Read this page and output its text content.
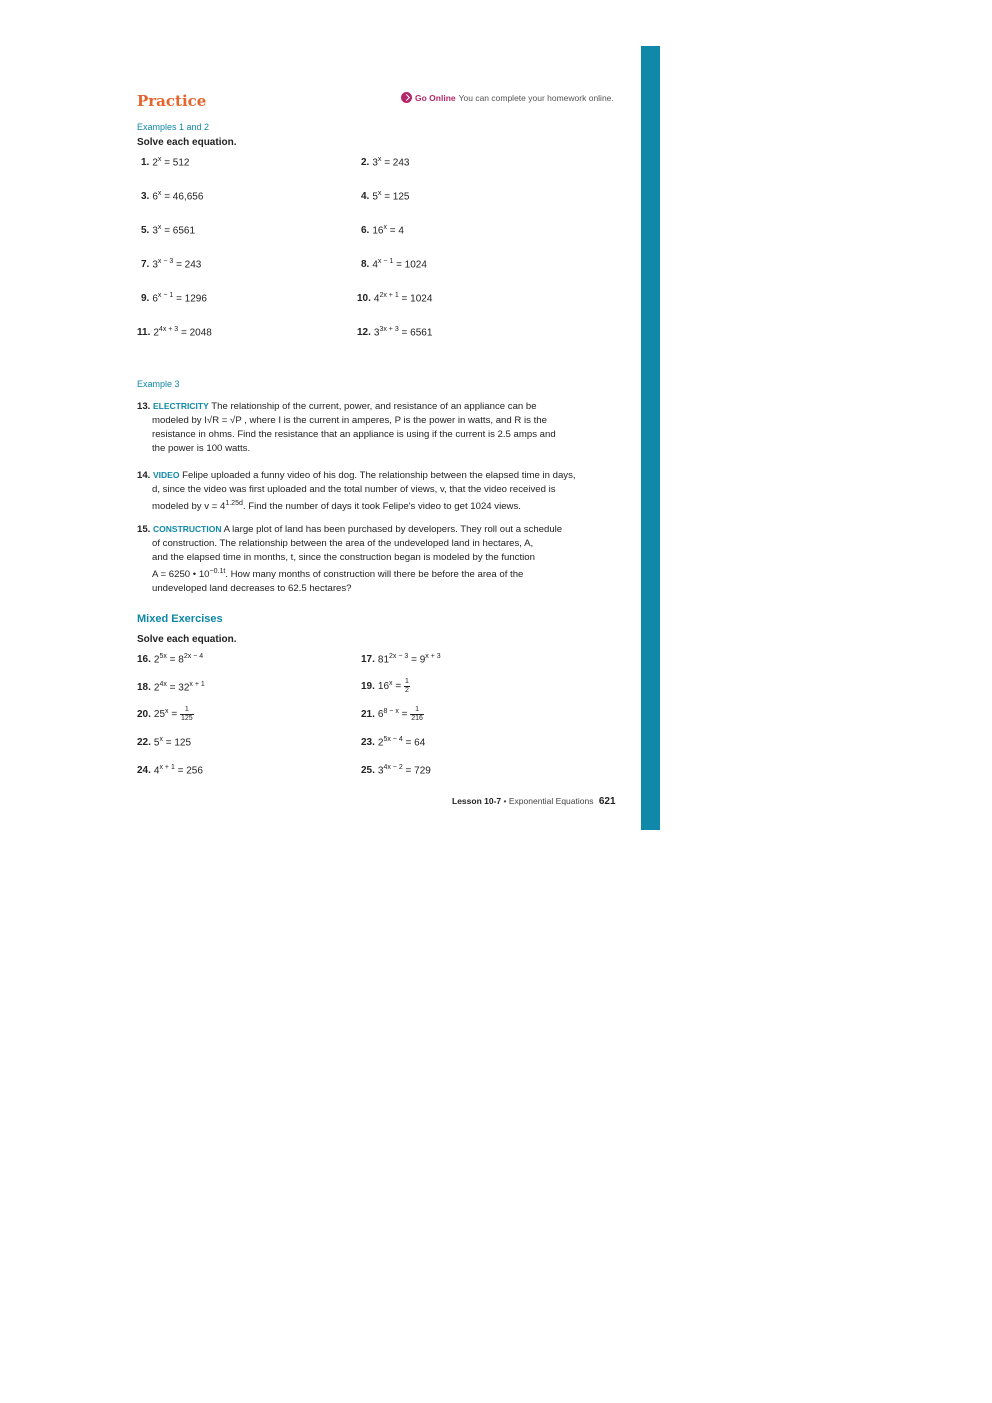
Practice	Go Online You can complete your homework online.
Examples 1 and 2
Solve each equation.
1. $2^x = 512$	2. $3^x = 243$
3. $6^x = 46,656$	4. $5^x = 125$
5. $3^x = 6561$	6. $16^x = 4$
7. $3^{x - 3} = 243$	8. $4^{x - 1} = 1024$
9. $6^{x - 1} = 1296$	10. $4^{2x + 1} = 1024$
11. $2^{4x + 3} = 2048$	12. $3^{3x + 3} = 6561$
Example 3
13. ELECTRICITY The relationship of the current, power, and resistance of an appliance can be
modeled by I√R = √P , where I is the current in amperes, P is the power in watts, and R is the
resistance in ohms. Find the resistance that an appliance is using if the current is 2.5 amps and
the power is 100 watts.
14. VIDEO Felipe uploaded a funny video of his dog. The relationship between the elapsed time in days,
d, since the video was first uploaded and the total number of views, v, that the video received is
modeled by $v = 4^{1.25d}$. Find the number of days it took Felipe's video to get 1024 views.
15. CONSTRUCTION A large plot of land has been purchased by developers. They roll out a schedule
of construction. The relationship between the area of the undeveloped land in hectares, A,
and the elapsed time in months, t, since the construction began is modeled by the function
A = 6250 • $10^{-0.1t}$. How many months of construction will there be before the area of the
undeveloped land decreases to 62.5 hectares?
Mixed Exercises
Solve each equation.
16. $2^{5x} = 8^{2x - 4}$	17. $81^{2x - 3} = 9^{x + 3}$
18. $2^{4x} = 32^{x + 1}$	19. $16^x = \frac{1}{2}$
20. $25^x = \frac{1}{125}$	21. $6^{8 - x} = \frac{1}{216}$
22. $5^x = 125$	23. $2^{5x - 4} = 64$
24. $4^{x + 1} = 256$	25. $3^{4x - 2} = 729$
Lesson 10-7 • Exponential Equations 621
